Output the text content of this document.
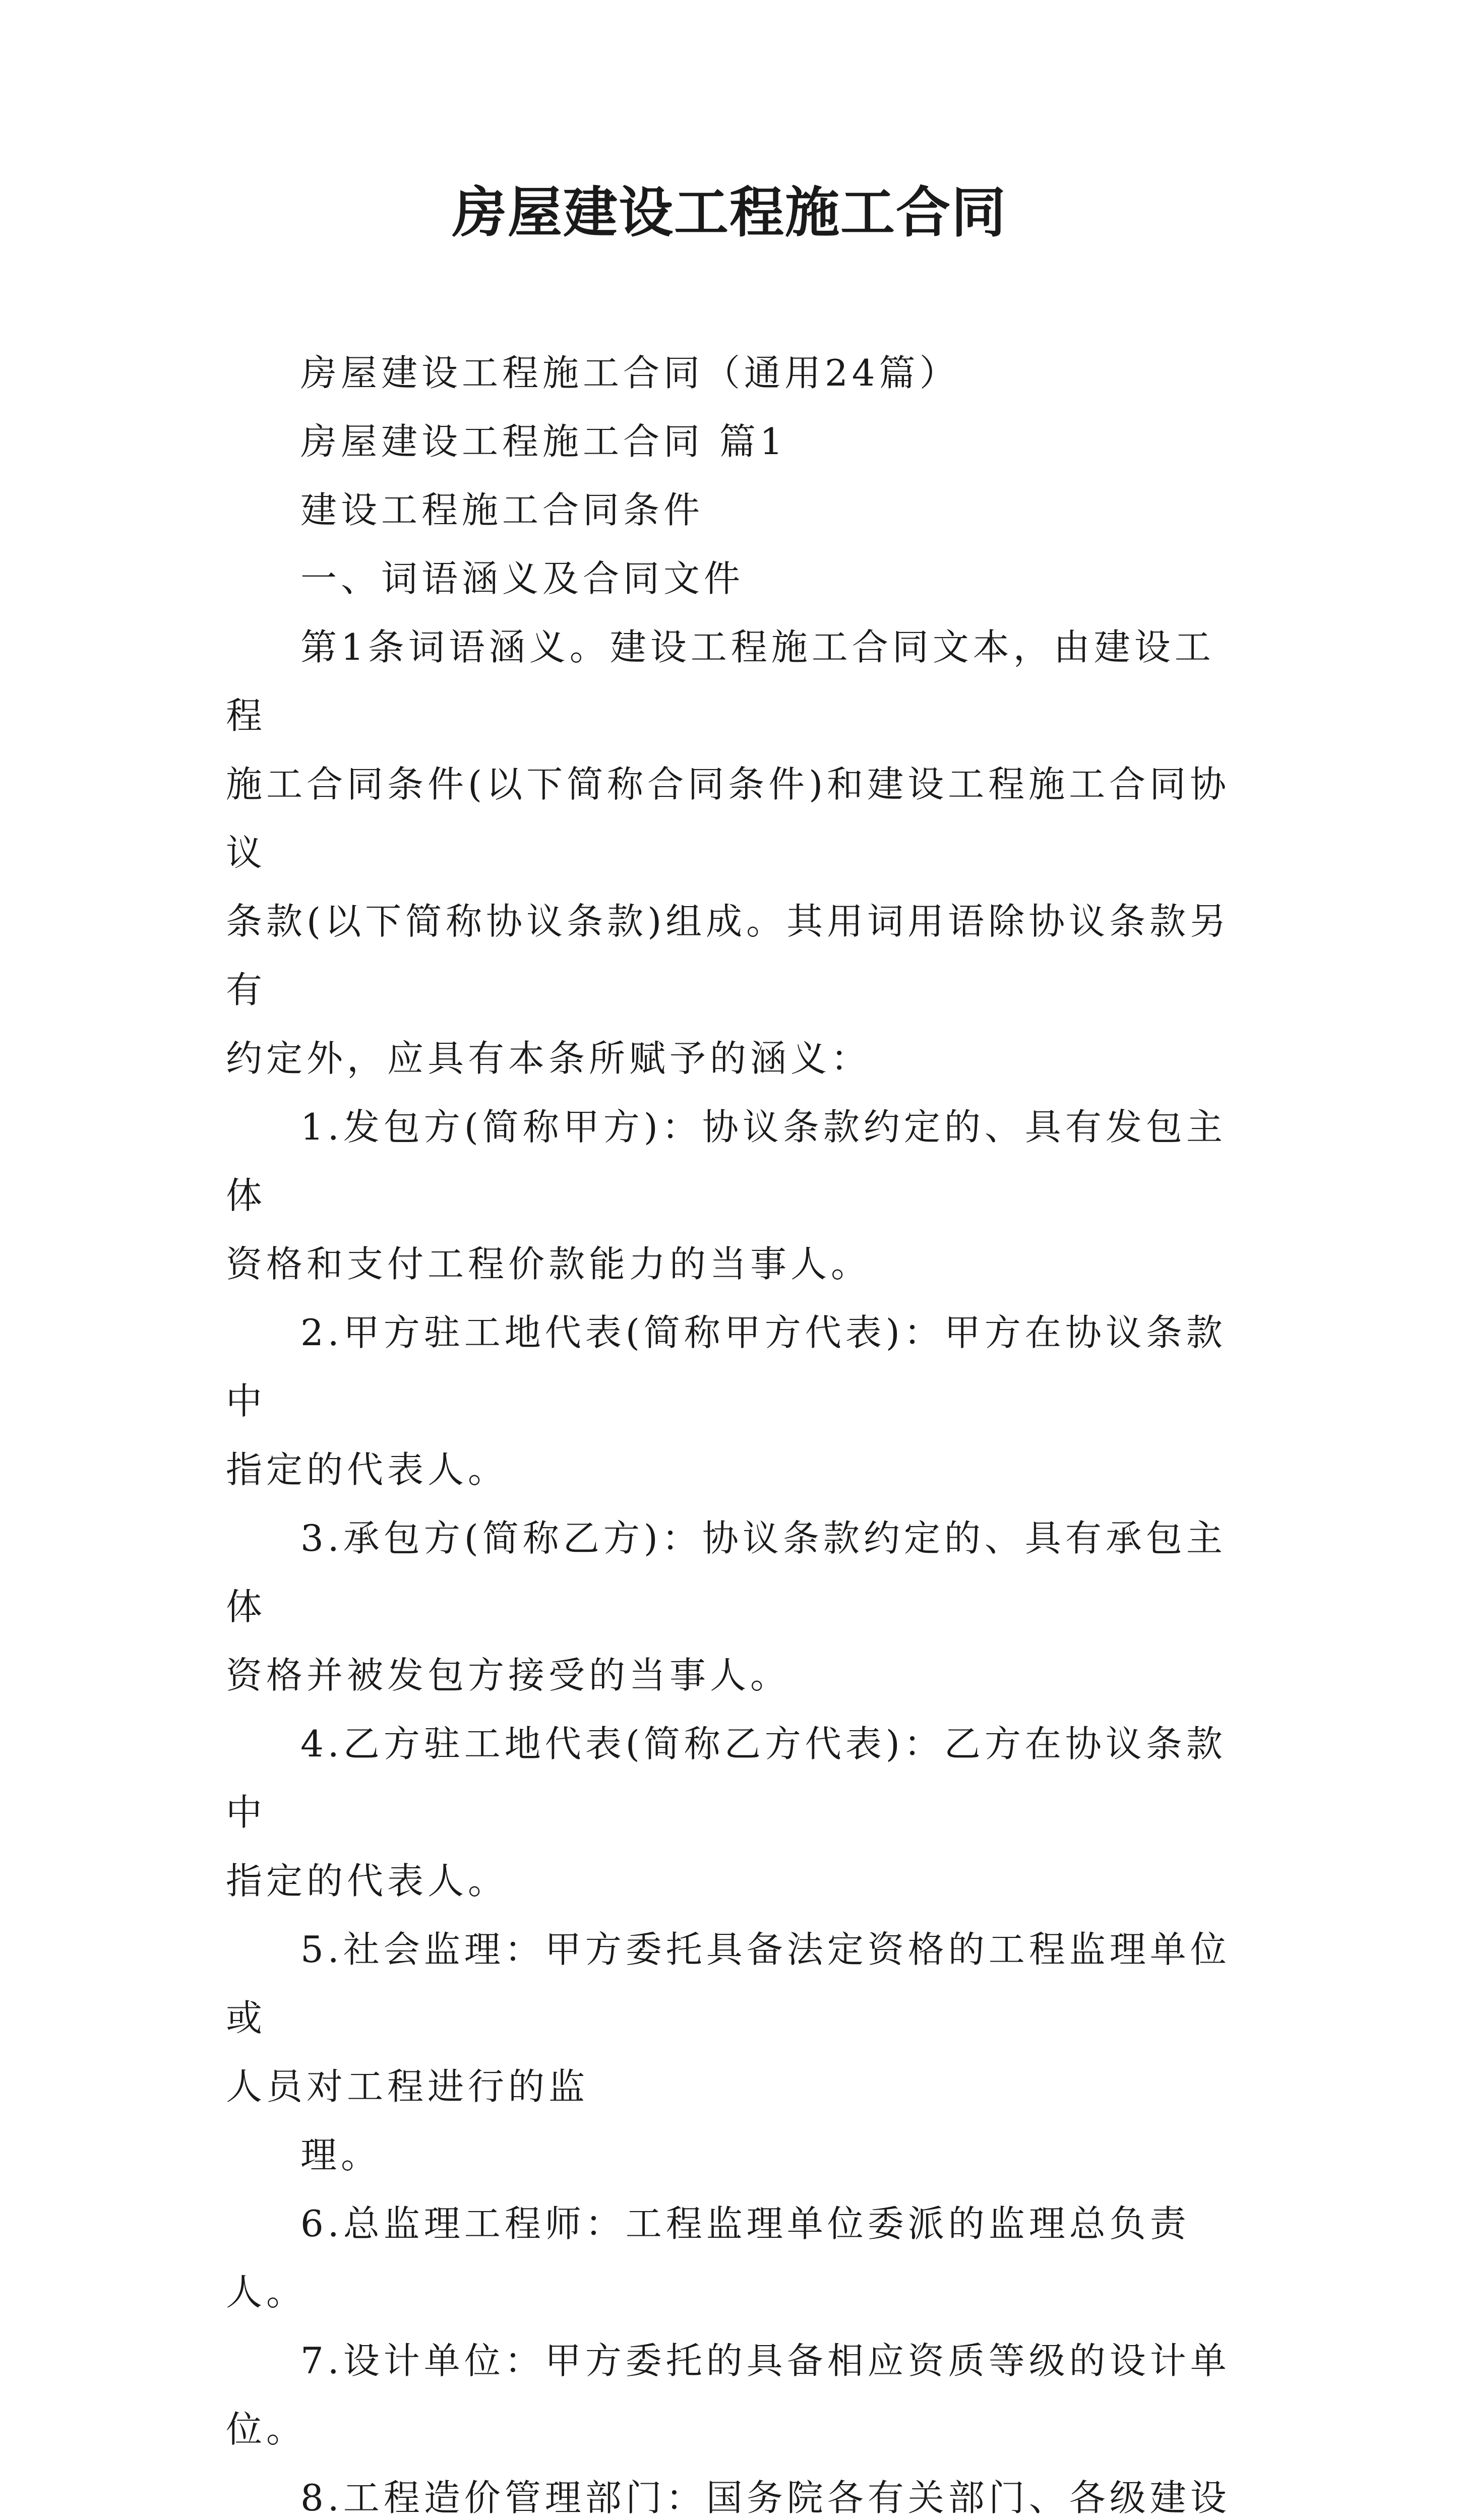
房屋建设工程施工合同

房屋建设工程施工合同（通用24篇）

房屋建设工程施工合同 篇1

建设工程施工合同条件

一、词语涵义及合同文件

第1条词语涵义。建设工程施工合同文本，由建设工程

施工合同条件(以下简称合同条件)和建设工程施工合同协议

条款(以下简称协议条款)组成。其用词用语除协议条款另有

约定外，应具有本条所赋予的涵义：

1.发包方(简称甲方)：协议条款约定的、具有发包主体

资格和支付工程价款能力的当事人。

2.甲方驻工地代表(简称甲方代表)：甲方在协议条款中

指定的代表人。

3.承包方(简称乙方)：协议条款约定的、具有承包主体

资格并被发包方接受的当事人。

4.乙方驻工地代表(简称乙方代表)：乙方在协议条款中

指定的代表人。

5.社会监理：甲方委托具备法定资格的工程监理单位或

人员对工程进行的监

理。

6.总监理工程师：工程监理单位委派的监理总负责人。

7.设计单位：甲方委托的具备相应资质等级的设计单位。

8.工程造价管理部门：国务院各有关部门、各级建设
